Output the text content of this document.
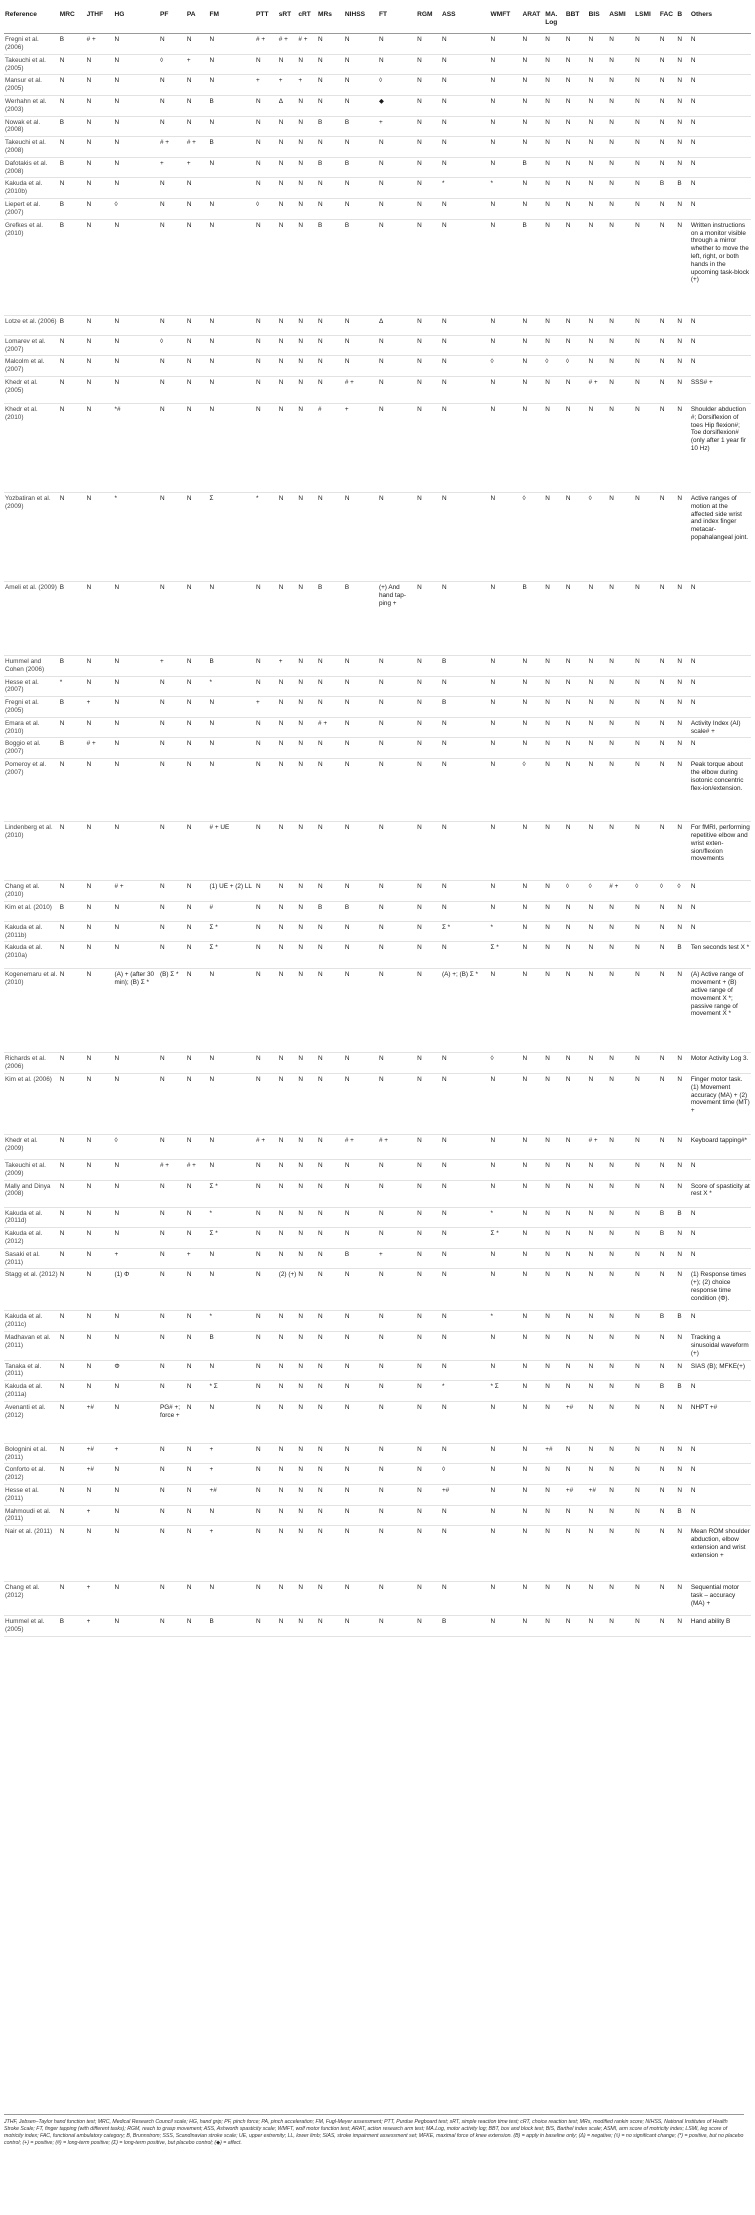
Reference	MRC	JTHF	HG	PF	PA	FM	PTT	sRT	cRT	MRs	NIHSS	FT	RGM	ASS	WMFT	ARAT	MA. Log	BBT	BIS	ASMI	LSMI	FAC	B	Others
Fregni et al. (2006)	B	# +	N	N	N	N	# +	# +	# +	N	N	N	N	N	N	N	N	N	N	N	N	N	N	N
Takeuchi et al. (2005)	N	N	N	◊	+	N	N	N	N	N	N	N	N	N	N	N	N	N	N	N	N	N	N	N
Mansur et al. (2005)	N	N	N	N	N	N	+	+	+	N	N	◊	N	N	N	N	N	N	N	N	N	N	N	N
Werhahn et al. (2003)	N	N	N	N	N	B	N	Δ	N	N	N	◆	N	N	N	N	N	N	N	N	N	N	N	N
Nowak et al. (2008)	B	N	N	N	N	N	N	N	N	B	B	+	N	N	N	N	N	N	N	N	N	N	N	N
Takeuchi et al. (2008)	N	N	N	# +	# +	B	N	N	N	N	N	N	N	N	N	N	N	N	N	N	N	N	N	N
Dafotakis et al. (2008)	B	N	N	+	+	N	N	N	N	B	B	N	N	N	N	B	N	N	N	N	N	N	N	N
Kakuda et al. (2010b)	N	N	N	N	N		N	N	N	N	N	N	N	*	*	N	N	N	N	N	N	B	B	N
Liepert et al. (2007)	B	N	◊	N	N	N	◊	N	N	N	N	N	N	N	N	N	N	N	N	N	N	N	N	N
Grefkes et al. (2010)	B	N	N	N	N	N	N	N	N	B	B	N	N	N	N	B	N	N	N	N	N	N	N	Written instructions on a monitor visible through a mirror whether to move the left, right, or both hands in the upcoming task-block (+)
Lotze et al. (2006)	B	N	N	N	N	N	N	N	N	N	N	Δ	N	N	N	N	N	N	N	N	N	N	N	N
Lomarev et al. (2007)	N	N	N	◊	N	N	N	N	N	N	N	N	N	N	N	N	N	N	N	N	N	N	N	N
Malcolm et al. (2007)	N	N	N	N	N	N	N	N	N	N	N	N	N	N	◊	N	◊	◊	N	N	N	N	N	N
Khedr et al. (2005)	N	N	N	N	N	N	N	N	N	N	# +	N	N	N	N	N	N	N	# +	N	N	N	N	SSS# +
Khedr et al. (2010)	N	N	*#	N	N	N	N	N	N	#	+	N	N	N	N	N	N	N	N	N	N	N	N	Shoulder abduction #; Dorsiflexion of toes Hip flexion#; Toe dorsiflexion# (only after 1 year fir 10 Hz)
Yozbatiran et al. (2009)	N	N	*	N	N	Σ	*	N	N	N	N	N	N	N	N	◊	N	N	◊	N	N	N	N	Active ranges of motion at the affected side wrist and index finger metacar-popahalangeal joint.
Ameli et al. (2009)	B	N	N	N	N	N	N	N	N	B	B	(+) And hand tap-ping +	N	N	N	B	N	N	N	N	N	N	N	N
Hummel and Cohen (2006)	B	N	N	+	N	B	N	+	N	N	N	N	N	B	N	N	N	N	N	N	N	N	N	N
Hesse et al. (2007)	*	N	N	N	N	*	N	N	N	N	N	N	N	N	N	N	N	N	N	N	N	N	N	N
Fregni et al. (2005)	B	+	N	N	N	N	+	N	N	N	N	N	N	B	N	N	N	N	N	N	N	N	N	N
Emara et al. (2010)	N	N	N	N	N	N	N	N	N	# +	N	N	N	N	N	N	N	N	N	N	N	N	N	Activity Index (AI) scale# +
Boggio et al. (2007)	B	# +	N	N	N	N	N	N	N	N	N	N	N	N	N	N	N	N	N	N	N	N	N	N
Pomeroy et al. (2007)	N	N	N	N	N	N	N	N	N	N	N	N	N	N	N	◊	N	N	N	N	N	N	N	Peak torque about the elbow during isotonic concentric flex-ion/extension.
Lindenberg et al. (2010)	N	N	N	N	N	# + UE	N	N	N	N	N	N	N	N	N	N	N	N	N	N	N	N	N	For fMRI, performing repetitive elbow and wrist exten-sion/flexion movements
Chang et al. (2010)	N	N	# +	N	N	(1) UE + (2) LL	N	N	N	N	N	N	N	N	N	N	N	◊	◊	# +	◊	◊	◊	N
Kim et al. (2010)	B	N	N	N	N	#	N	N	N	B	B	N	N	N	N	N	N	N	N	N	N	N	N	N
Kakuda et al. (2011b)	N	N	N	N	N	Σ *	N	N	N	N	N	N	N	Σ *	*	N	N	N	N	N	N	N	N	N
Kakuda et al. (2010a)	N	N	N	N	N	Σ *	N	N	N	N	N	N	N	N	Σ *	N	N	N	N	N	N	N	B	Ten seconds test X *
Kogenemaru et al. (2010)	N	N	(A) + (after 30 min); (B) Σ *	(B) Σ *	N	N	N	N	N	N	N	N	N	(A) +; (B) Σ *	N	N	N	N	N	N	N	N	N	(A) Active range of movement + (B) active range of movement X *; passive range of movement X *
Richards et al. (2006)	N	N	N	N	N	N	N	N	N	N	N	N	N	N	◊	N	N	N	N	N	N	N	N	Motor Activity Log 3.
Kim et al. (2006)	N	N	N	N	N	N	N	N	N	N	N	N	N	N	N	N	N	N	N	N	N	N	N	Finger motor task. (1) Movement accuracy (MA) + (2) movement time (MT) +
Khedr et al. (2009)	N	N	◊	N	N	N	# +	N	N	N	# +	# +	N	N	N	N	N	N	# +	N	N	N	N	Keyboard tapping#*
Takeuchi et al. (2009)	N	N	N	# +	# +	N	N	N	N	N	N	N	N	N	N	N	N	N	N	N	N	N	N	N
Mally and Dinya (2008)	N	N	N	N	N	Σ *	N	N	N	N	N	N	N	N	N	N	N	N	N	N	N	N	N	Score of spasticity at rest X *
Kakuda et al. (2011d)	N	N	N	N	N	*	N	N	N	N	N	N	N	N	*	N	N	N	N	N	N	B	B	N
Kakuda et al. (2012)	N	N	N	N	N	Σ *	N	N	N	N	N	N	N	N	Σ *	N	N	N	N	N	N	B	N	N
Sasaki et al. (2011)	N	N	+	N	+	N	N	N	N	N	B	+	N	N	N	N	N	N	N	N	N	N	N	N
Stagg et al. (2012)	N	N	(1) Φ	N	N	N	N	(2) (+)	N	N	N	N	N	N	N	N	N	N	N	N	N	N	N	(1) Response times (+); (2) choice response time condition (Φ).
Kakuda et al. (2011c)	N	N	N	N	N	*	N	N	N	N	N	N	N	N	*	N	N	N	N	N	N	B	B	N
Madhavan et al. (2011)	N	N	N	N	N	B	N	N	N	N	N	N	N	N	N	N	N	N	N	N	N	N	N	Tracking a sinusoidal waveform (+)
Tanaka et al. (2011)	N	N	Φ	N	N	N	N	N	N	N	N	N	N	N	N	N	N	N	N	N	N	N	N	SIAS (B); MFKE(+)
Kakuda et al. (2011a)	N	N	N	N	N	* Σ	N	N	N	N	N	N	N	*	* Σ	N	N	N	N	N	N	B	B	N
Avenanti et al. (2012)	N	+#	N	PG# +; force +	N	N	N	N	N	N	N	N	N	N	N	N	N	+#	N	N	N	N	N	NHPT +#
Bolognini et al. (2011)	N	+#	+	N	N	+	N	N	N	N	N	N	N	N	N	N	+#	N	N	N	N	N	N	N
Conforto et al. (2012)	N	+#	N	N	N	+	N	N	N	N	N	N	N	◊	N	N	N	N	N	N	N	N	N	N
Hesse et al. (2011)	N	N	N	N	N	+#	N	N	N	N	N	N	N	+#	N	N	N	+#	+#	N	N	N	N	N
Mahmoudi et al. (2011)	N	+	N	N	N	N	N	N	N	N	N	N	N	N	N	N	N	N	N	N	N	N	B	N
Nair et al. (2011)	N	N	N	N	N	+	N	N	N	N	N	N	N	N	N	N	N	N	N	N	N	N	N	Mean ROM shoulder abduction, elbow extension and wrist extension +
Chang et al. (2012)	N	+	N	N	N	N	N	N	N	N	N	N	N	N	N	N	N	N	N	N	N	N	N	Sequential motor task – accuracy (MA) +
Hummel et al. (2005)	B	+	N	N	N	B	N	N	N	N	N	N	N	B	N	N	N	N	N	N	N	N	N	Hand ability B
JTHF, Jebsen–Taylor hand function test; MRC, Medical Research Council scale; HG, hand grip; PF, pinch force; PA, pinch acceleration; FM, Fugl-Meyer assessment; PTT, Purdue Pegboard test; sRT, simple reaction time test; cRT, choice reaction test; MRs, modified rankin score; NIHSS, National Institutes of Health Stroke Scale; FT, finger tapping (with different tasks); RGM, reach to grasp movement; ASS, Ashworth spasticity scale; WMFT, wolf motor function test; ARAT, action research arm test; MA.Log, motor activity log; BBT, box and block test; BIS, Barthel index scale; ASMI, arm score of motricity index; LSMI, leg score of motricity index; FAC, functional ambulatory category; B, Brunnstrom; SSS, Scandinavian stroke scale; UE, upper extremity; LL, lower limb; SIAS, stroke impairment assessment set; MFKE, maximal force of knee extension. (B) = apply in baseline only; (Δ) = negative; (◊) = no significant change; (*) = positive, but no placebo control; (+) = positive; (#) = long-term positive; (Σ) = long-term positive, but placebo control; (◆) = affect.
